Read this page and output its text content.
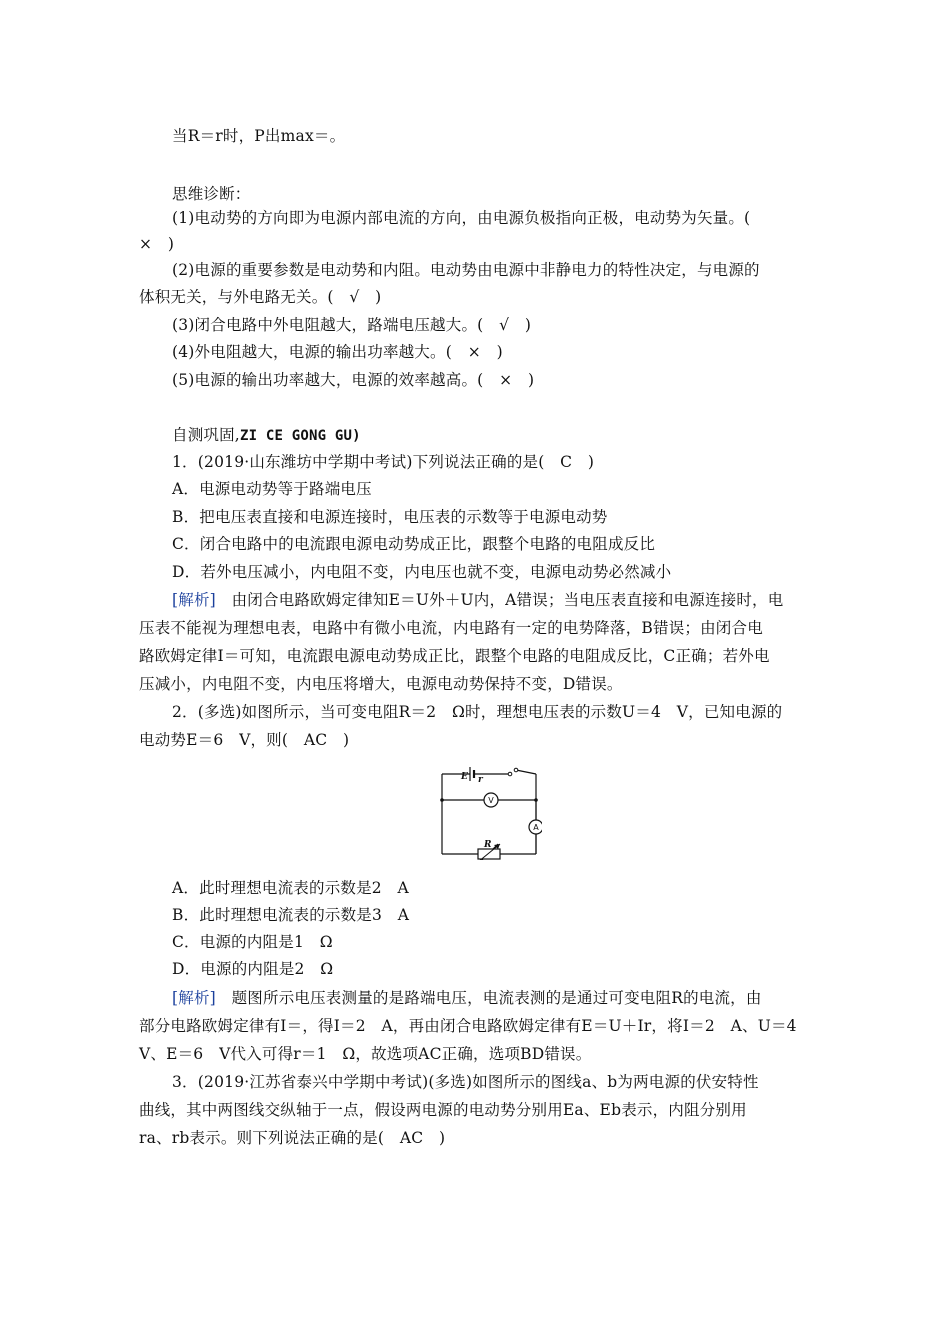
当R＝r时，P出max＝。
思维诊断：
(1)电动势的方向即为电源内部电流的方向，由电源负极指向正极，电动势为矢量。(
×　)
(2)电源的重要参数是电动势和内阻。电动势由电源中非静电力的特性决定，与电源的
体积无关，与外电路无关。(　√　)
(3)闭合电路中外电阻越大，路端电压越大。(　√　)
(4)外电阻越大，电源的输出功率越大。(　×　)
(5)电源的输出功率越大，电源的效率越高。(　×　)
自测巩固,ZI CE GONG GU)
1．(2019·山东潍坊中学期中考试)下列说法正确的是(　C　)
A．电源电动势等于路端电压
B．把电压表直接和电源连接时，电压表的示数等于电源电动势
C．闭合电路中的电流跟电源电动势成正比，跟整个电路的电阻成反比
D．若外电压减小，内电阻不变，内电压也就不变，电源电动势必然减小
[解析]　由闭合电路欧姆定律知E＝U外＋U内，A错误；当电压表直接和电源连接时，电
压表不能视为理想电表，电路中有微小电流，内电路有一定的电势降落，B错误；由闭合电
路欧姆定律I＝可知，电流跟电源电动势成正比，跟整个电路的电阻成反比，C正确；若外电
压减小，内电阻不变，内电压将增大，电源电动势保持不变，D错误。
2．(多选)如图所示，当可变电阻R＝2　Ω时，理想电压表的示数U＝4　V，已知电源的
电动势E＝6　V，则(　AC　)
E r
R
V
A
A．此时理想电流表的示数是2　A
B．此时理想电流表的示数是3　A
C．电源的内阻是1　Ω
D．电源的内阻是2　Ω
[解析]　题图所示电压表测量的是路端电压，电流表测的是通过可变电阻R的电流，由
部分电路欧姆定律有I＝，得I＝2　A，再由闭合电路欧姆定律有E＝U＋Ir，将I＝2　A、U＝4
V、E＝6　V代入可得r＝1　Ω，故选项AC正确，选项BD错误。
3．(2019·江苏省泰兴中学期中考试)(多选)如图所示的图线a、b为两电源的伏安特性
曲线，其中两图线交纵轴于一点，假设两电源的电动势分别用Ea、Eb表示，内阻分别用
ra、rb表示。则下列说法正确的是(　AC　)
